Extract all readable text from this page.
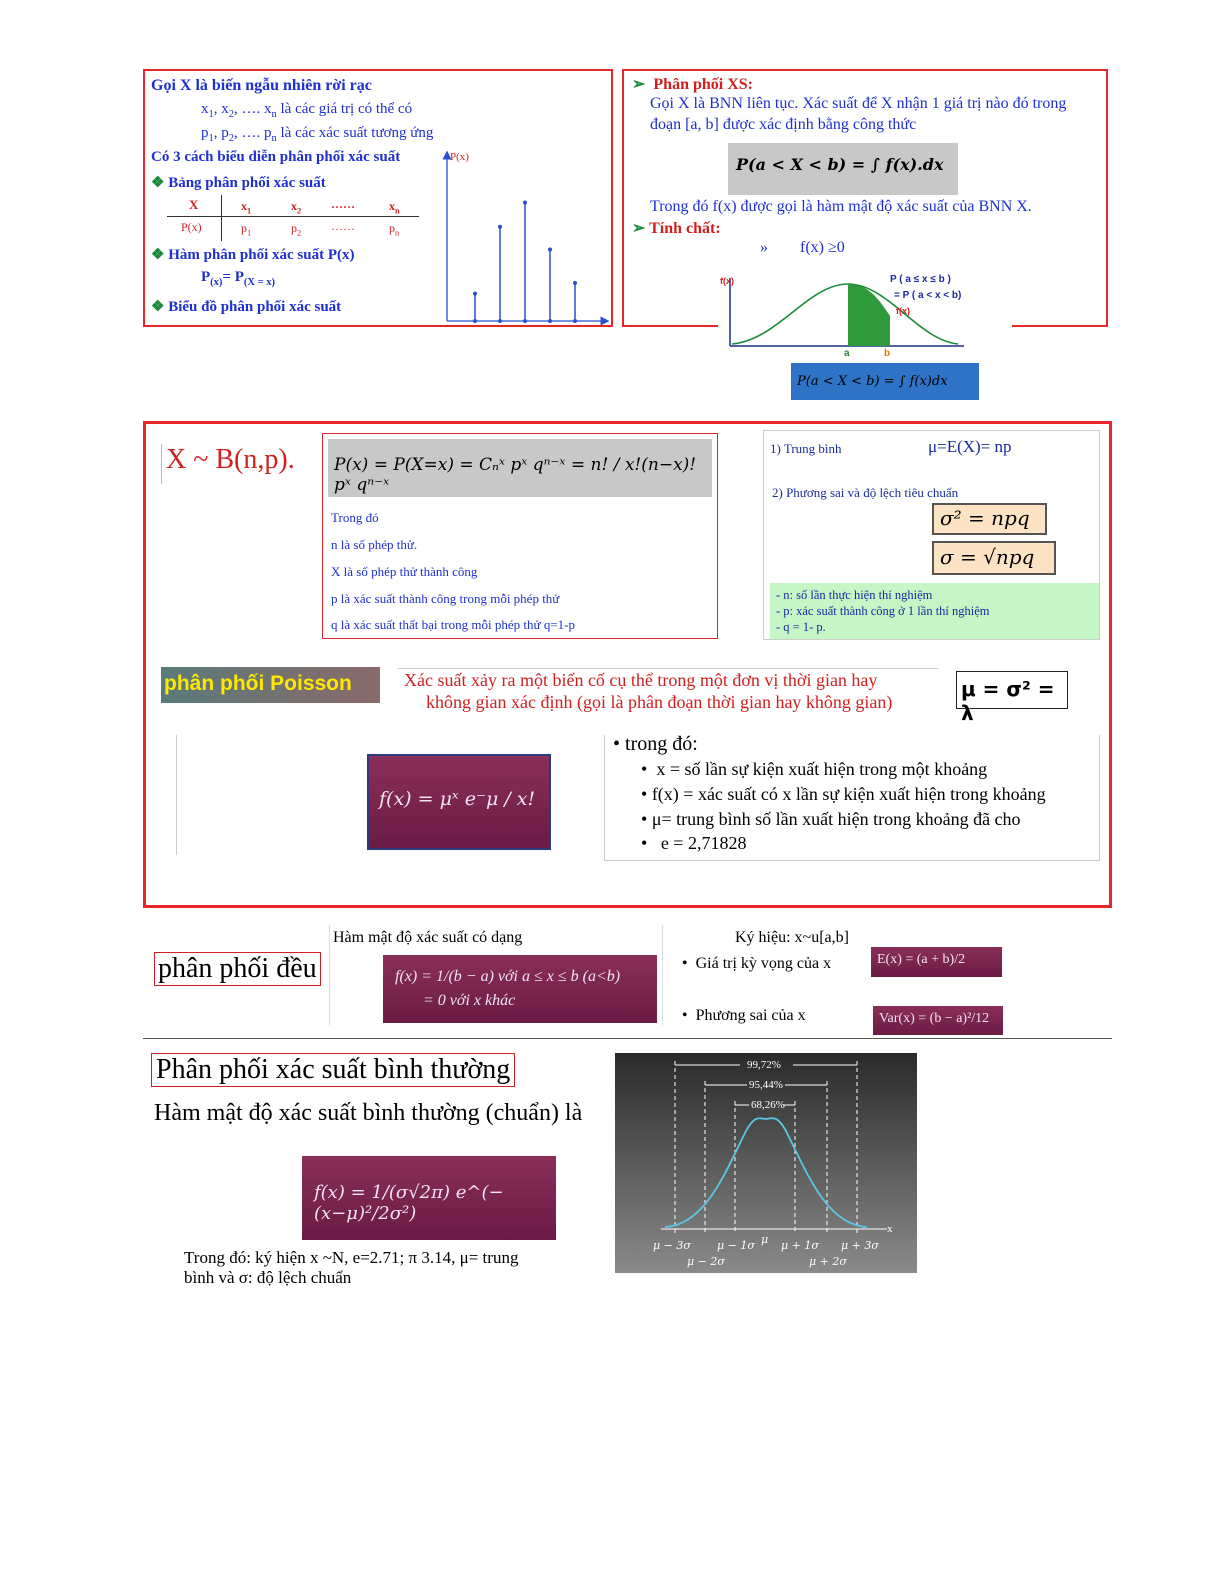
Gọi X là biến ngẫu nhiên rời rạc
$x_1$, $x_2$, …. $x_n$ là các giá trị có thể có
$p_1$, $p_2$, …. $p_n$ là các xác suất tương ứng
Có 3 cách biểu diễn phân phối xác suất
❖ Bảng phân phối xác suất
X	$x_1$	$x_2$ ……	$x_n$
P(x)	$p_1$	$p_2$ ……	$p_n$
❖ Hàm phân phối xác suất P(x)
$P_{(x)}= P_{(X = x)}$
❖ Biểu đồ phân phối xác suất
P(x)
➢ Phân phối XS:
Gọi X là BNN liên tục. Xác suất để X nhận 1 giá trị nào đó trong
đoạn [a, b] được xác định bằng công thức
P(a < X < b) = ∫ f(x).dx
Trong đó f(x) được gọi là hàm mật độ xác suất của BNN X.
➢ Tính chất:
» f(x) ≥0
f(x)	P ( a ≤ x ≤ b )
= P ( a < x < b)
f(x)
a	b
P(a < X < b) = ∫ f(x)dx
X ~ B(n,p).	P(x) = P(X=x) = Cₙˣ pˣ qⁿ⁻ˣ = n! / x!(n−x)! pˣ qⁿ⁻ˣ
Trong đó
n là số phép thử.
X là số phép thử thành công
p là xác suất thành công trong mỗi phép thử
q là xác suất thất bại trong mỗi phép thử q=1-p
1) Trung bình	μ=E(X)= np
2) Phương sai và độ lệch tiêu chuẩn
σ² = npq
σ = √npq
- n: số lần thực hiện thí nghiệm
- p: xác suất thành công ở 1 lần thí nghiệm
- q = 1- p.
phân phối Poisson	Xác suất xảy ra một biến cố cụ thể trong một đơn vị thời gian hay
không gian xác định (gọi là phân đoạn thời gian hay không gian)
μ = σ² = λ
f(x) = μˣ e⁻μ / x!
• trong đó:
•  x = số lần sự kiện xuất hiện trong một khoảng
• f(x) = xác suất có x lần sự kiện xuất hiện trong khoảng
• μ= trung bình số lần xuất hiện trong khoảng đã cho
•   e = 2,71828
phân phối đều
Hàm mật độ xác suất có dạng
f(x) = 1/(b − a) với a ≤ x ≤ b (a<b)
= 0 với x khác
Ký hiệu: x~u[a,b]
•  Giá trị kỳ vọng của x	E(x) = (a + b)/2
•  Phương sai của x	Var(x) = (b − a)²/12
Phân phối xác suất bình thường
Hàm mật độ xác suất bình thường (chuẩn) là
f(x) = 1/(σ√2π) e^(−(x−μ)²/2σ²)
Trong đó: ký hiện x ~N, e=2.71; π 3.14, μ= trung
bình và σ: độ lệch chuẩn
99,72%
95,44%
68,26%
μ − 3σ
μ − 2σ
μ − 1σ μ μ + 1σ
μ + 2σ
μ + 3σ
x
